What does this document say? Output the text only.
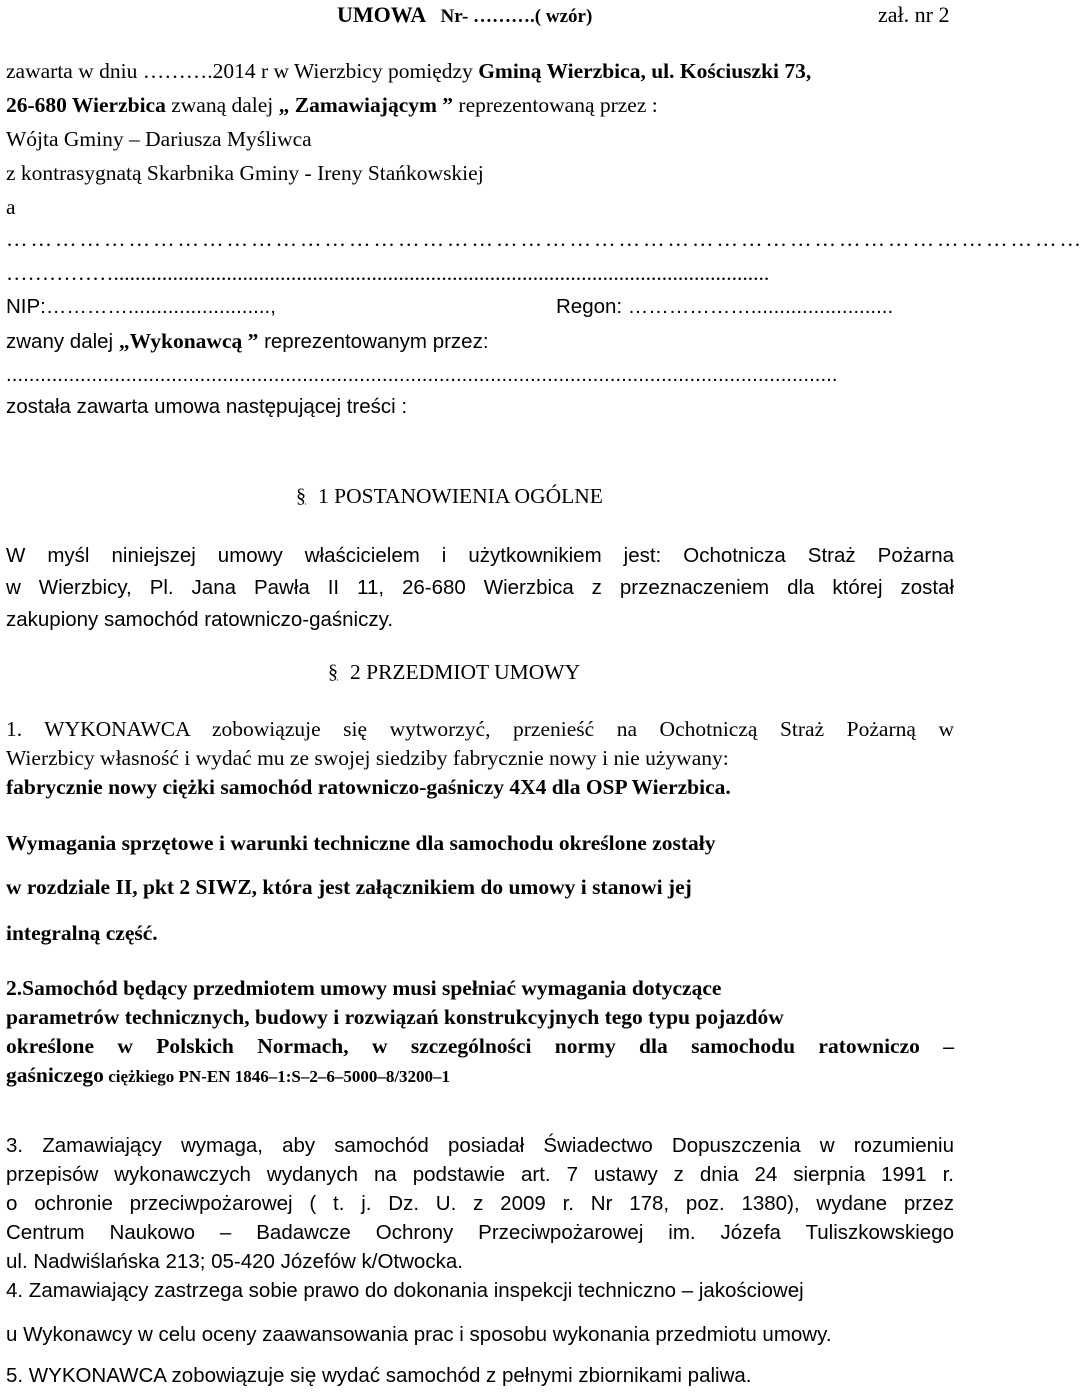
UMOWA Nr- ……….( wzór)	zał. nr 2
zawarta w dniu ……….2014 r w Wierzbicy pomiędzy Gminą Wierzbica, ul. Kościuszki 73,
26-680 Wierzbica zwaną dalej „ Zamawiającym ” reprezentowaną przez :
Wójta Gminy – Dariusza Myśliwca
z kontrasygnatą Skarbnika Gminy - Ireny Stańkowskiej
a
……………………………………………………………………………………………………………………
……………..........................................................................................................................
NIP:………….........................,	Regon: ……………….........................
zwany dalej „Wykonawcą ” reprezentowanym przez:
..................................................................................................................................................
została zawarta umowa następującej treści :
§ 1 POSTANOWIENIA OGÓLNE
W myśl niniejszej umowy właścicielem i użytkownikiem jest: Ochotnicza Straż Pożarna
w Wierzbicy, Pl. Jana Pawła II 11, 26-680 Wierzbica z przeznaczeniem dla której został
zakupiony samochód ratowniczo-gaśniczy.
§ 2 PRZEDMIOT UMOWY
1. WYKONAWCA zobowiązuje się wytworzyć, przenieść na Ochotniczą Straż Pożarną w
Wierzbicy własność i wydać mu ze swojej siedziby fabrycznie nowy i nie używany:
fabrycznie nowy ciężki samochód ratowniczo-gaśniczy 4X4 dla OSP Wierzbica.
Wymagania sprzętowe i warunki techniczne dla samochodu określone zostały
w rozdziale II, pkt 2 SIWZ, która jest załącznikiem do umowy i stanowi jej
integralną część.
2.Samochód będący przedmiotem umowy musi spełniać wymagania dotyczące
parametrów technicznych, budowy i rozwiązań konstrukcyjnych tego typu pojazdów
określone w Polskich Normach, w szczególności normy dla samochodu ratowniczo –
gaśniczego ciężkiego PN-EN 1846–1:S–2–6–5000–8/3200–1
3. Zamawiający wymaga, aby samochód posiadał Świadectwo Dopuszczenia w rozumieniu
przepisów wykonawczych wydanych na podstawie art. 7 ustawy z dnia 24 sierpnia 1991 r.
o ochronie przeciwpożarowej ( t. j. Dz. U. z 2009 r. Nr 178, poz. 1380), wydane przez
Centrum Naukowo – Badawcze Ochrony Przeciwpożarowej im. Józefa Tuliszkowskiego
ul. Nadwiślańska 213; 05-420 Józefów k/Otwocka.
4. Zamawiający zastrzega sobie prawo do dokonania inspekcji techniczno – jakościowej
u Wykonawcy w celu oceny zaawansowania prac i sposobu wykonania przedmiotu umowy.
5. WYKONAWCA zobowiązuje się wydać samochód z pełnymi zbiornikami paliwa.
